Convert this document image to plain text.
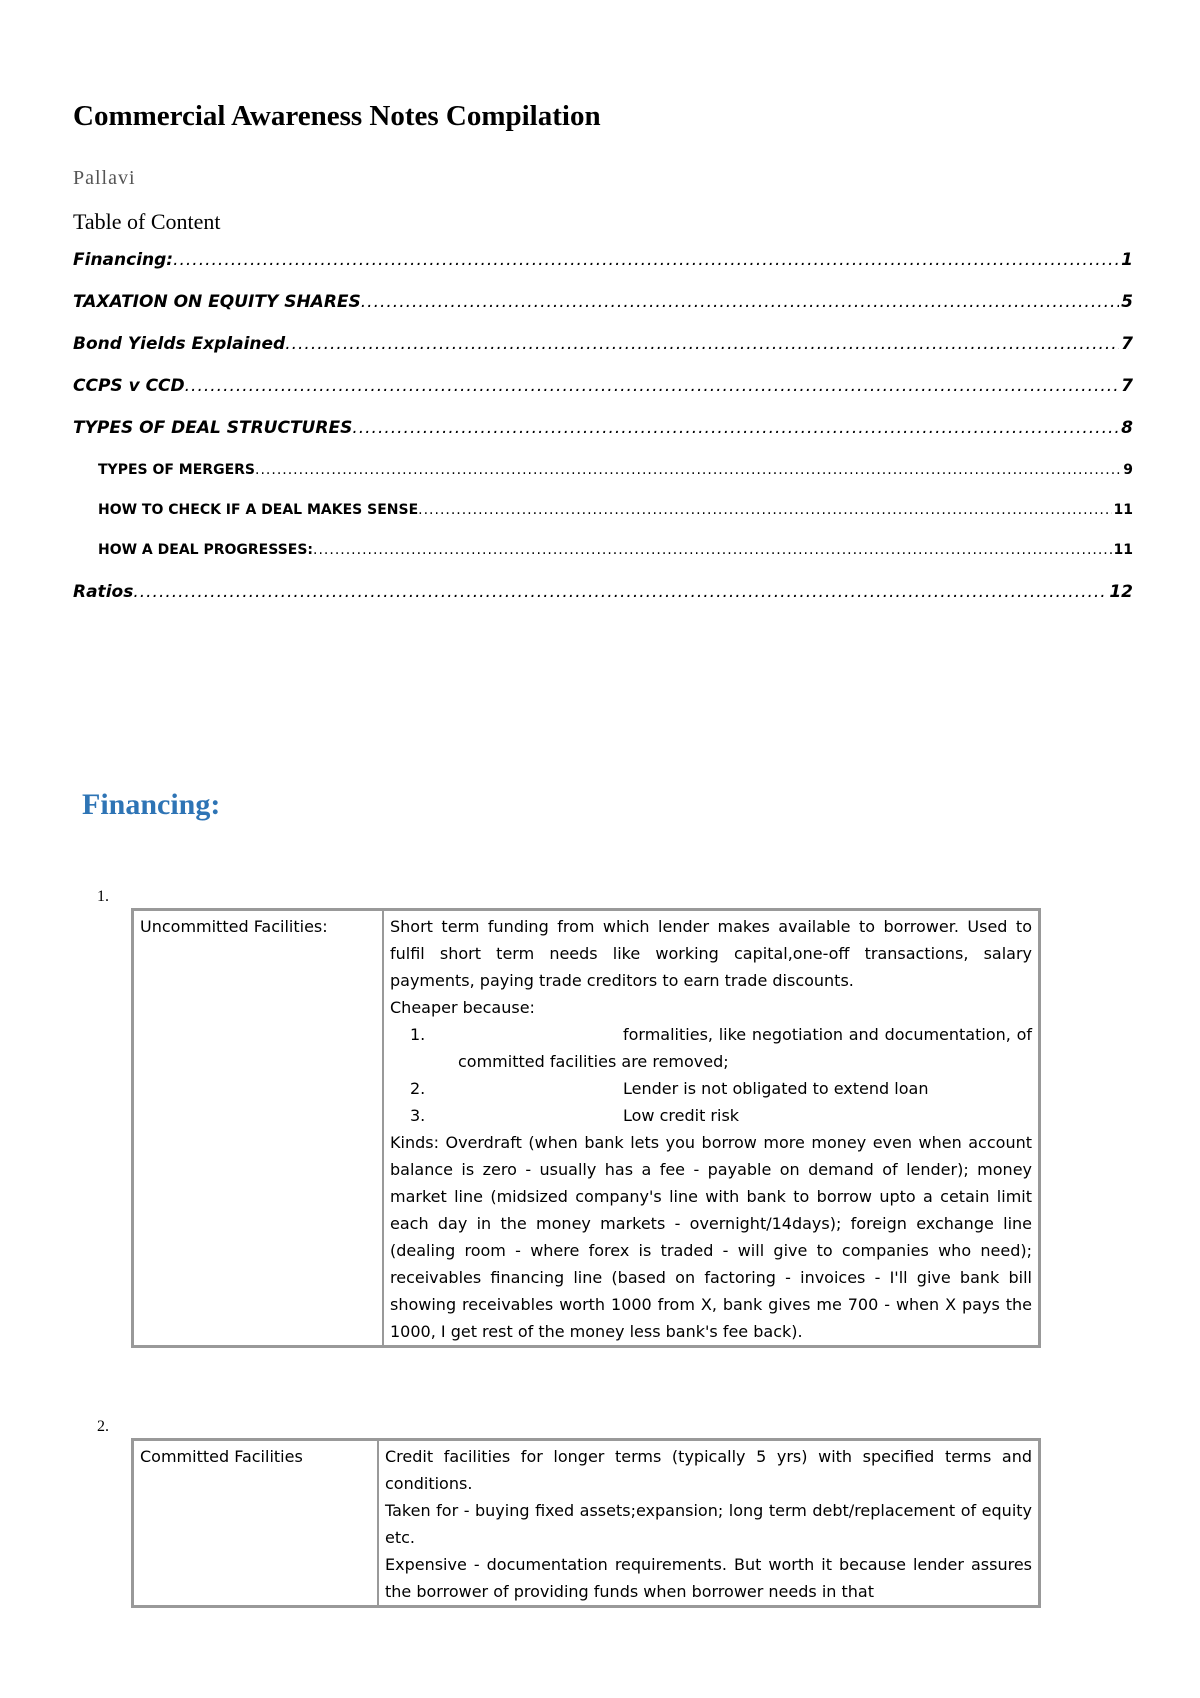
Commercial Awareness Notes Compilation
Pallavi
Table of Content
Financing: .....	1
TAXATION ON EQUITY SHARES .....	5
Bond Yields Explained .....	7
CCPS v CCD .....	7
TYPES OF DEAL STRUCTURES .....	8
TYPES OF MERGERS .....	9
HOW TO CHECK IF A DEAL MAKES SENSE .....	11
HOW A DEAL PROGRESSES: .....	11
Ratios .....	12
Financing:
1.
Uncommitted Facilities:	Short term funding from which lender makes available to borrower. Used to fulfil short term needs like working capital,one-off transactions, salary payments, paying trade creditors to earn trade discounts.

Cheaper because:

1.	formalities, like negotiation and documentation, of committed facilities are removed;
2.	Lender is not obligated to extend loan
3.	Low credit risk

Kinds: Overdraft (when bank lets you borrow more money even when account balance is zero - usually has a fee - payable on demand of lender); money market line (midsized company's line with bank to borrow upto a cetain limit each day in the money markets - overnight/14days); foreign exchange line (dealing room - where forex is traded - will give to companies who need); receivables financing line (based on factoring - invoices - I'll give bank bill showing receivables worth 1000 from X, bank gives me 700 - when X pays the 1000, I get rest of the money less bank's fee back).

2.
Committed Facilities	Credit facilities for longer terms (typically 5 yrs) with specified terms and conditions.

Taken for - buying fixed assets;expansion; long term debt/replacement of equity etc.

Expensive - documentation requirements. But worth it because lender assures the borrower of providing funds when borrower needs in that
